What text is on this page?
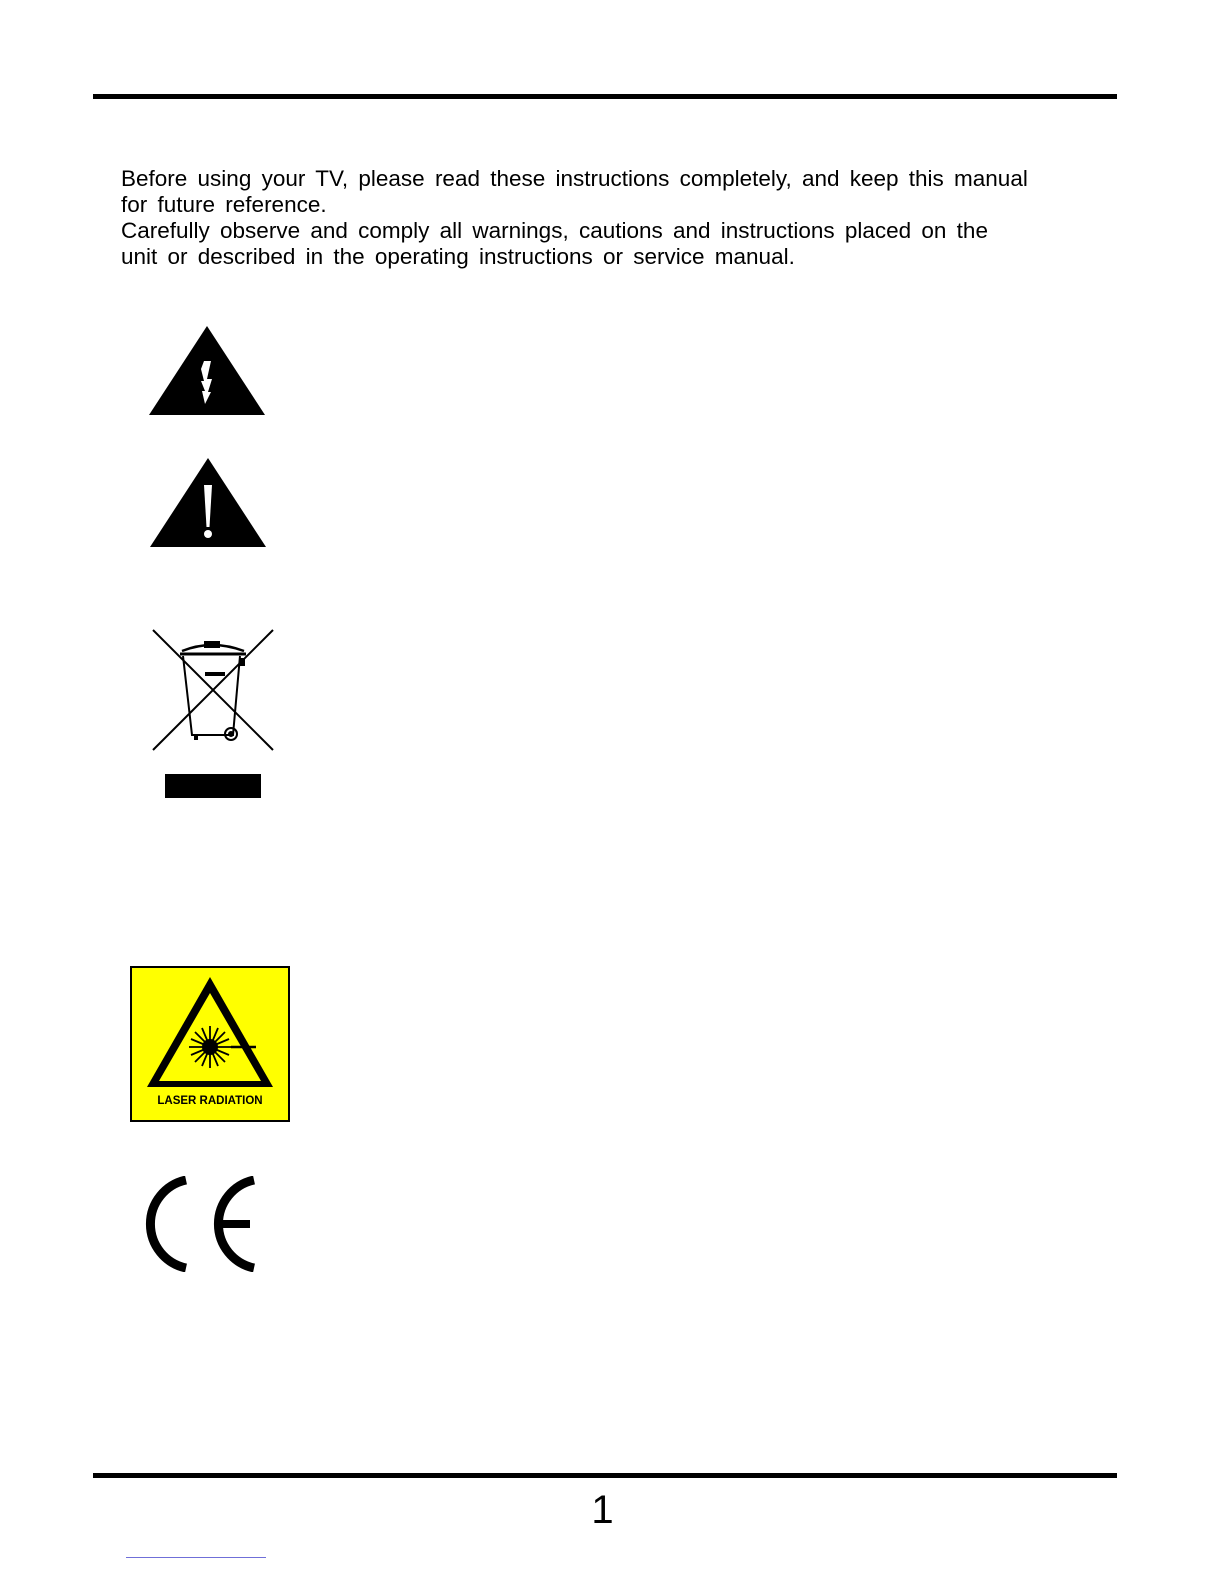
Before using your TV, please read these instructions completely, and keep this manual

for future reference.

Carefully observe and comply all warnings, cautions and instructions placed on the

unit or described in the operating instructions or service manual.

LASER RADIATION
1
